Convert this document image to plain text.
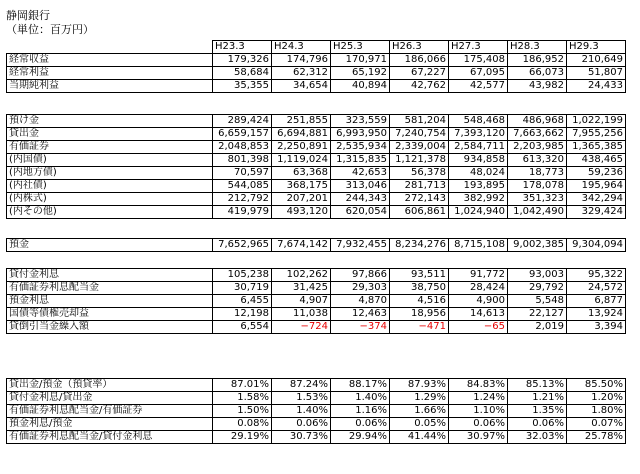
静岡銀行
（単位：百万円）
	H23.3	H24.3	H25.3	H26.3	H27.3	H28.3	H29.3
経常収益	179,326	174,796	170,971	186,066	175,408	186,952	210,649
経常利益	58,684	62,312	65,192	67,227	67,095	66,073	51,807
当期純利益	35,355	34,654	40,894	42,762	42,577	43,982	24,433
預け金	289,424	251,855	323,559	581,204	548,468	486,968	1,022,199
貸出金	6,659,157	6,694,881	6,993,950	7,240,754	7,393,120	7,663,662	7,955,256
有価証券	2,048,853	2,250,891	2,535,934	2,339,004	2,584,711	2,203,985	1,365,385
(内国債)	801,398	1,119,024	1,315,835	1,121,378	934,858	613,320	438,465
(内地方債)	70,597	63,368	42,653	56,378	48,024	18,773	59,236
(内社債)	544,085	368,175	313,046	281,713	193,895	178,078	195,964
(内株式)	212,792	207,201	244,343	272,143	382,992	351,323	342,294
(内その他)	419,979	493,120	620,054	606,861	1,024,940	1,042,490	329,424
預金	7,652,965	7,674,142	7,932,455	8,234,276	8,715,108	9,002,385	9,304,094
貸付金利息	105,238	102,262	97,866	93,511	91,772	93,003	95,322
有価証券利息配当金	30,719	31,425	29,303	38,750	28,424	29,792	24,572
預金利息	6,455	4,907	4,870	4,516	4,900	5,548	6,877
国債等債権売却益	12,198	11,038	12,463	18,956	14,613	22,127	13,924
貸倒引当金繰入額	6,554	−724	−374	−471	−65	2,019	3,394
貸出金/預金（預貸率）	87.01%	87.24%	88.17%	87.93%	84.83%	85.13%	85.50%
貸付金利息/貸出金	1.58%	1.53%	1.40%	1.29%	1.24%	1.21%	1.20%
有価証券利息配当金/有価証券	1.50%	1.40%	1.16%	1.66%	1.10%	1.35%	1.80%
預金利息/預金	0.08%	0.06%	0.06%	0.05%	0.06%	0.06%	0.07%
有価証券利息配当金/貸付金利息	29.19%	30.73%	29.94%	41.44%	30.97%	32.03%	25.78%
